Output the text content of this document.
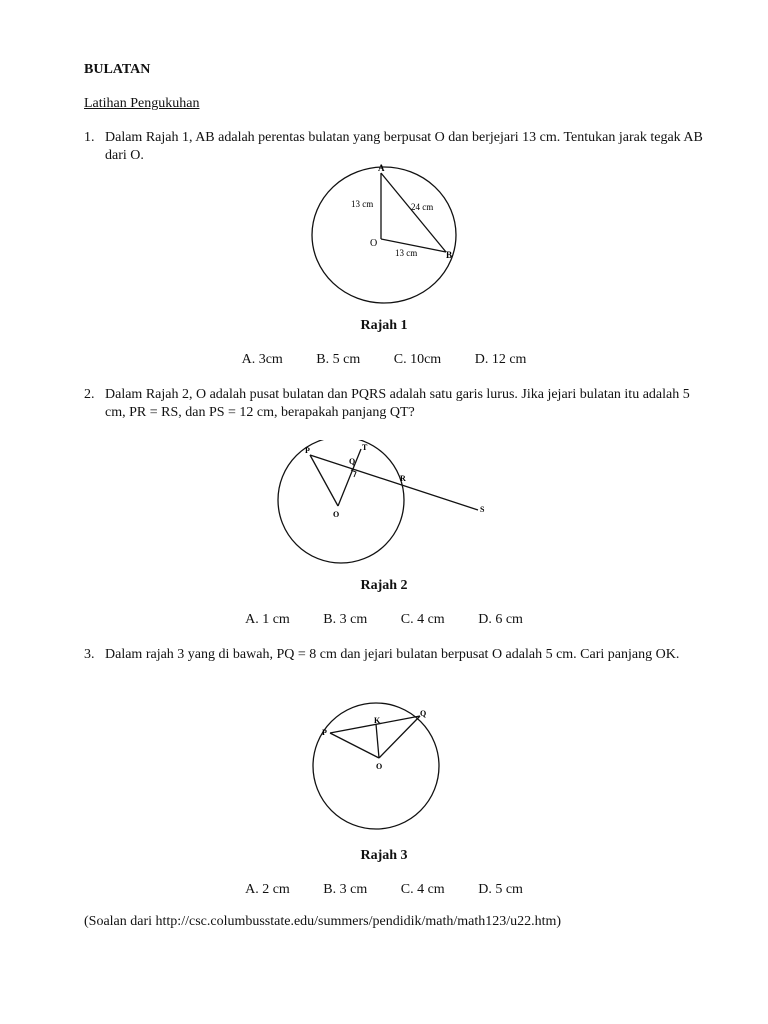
BULATAN
Latihan Pengukuhan
1. Dalam Rajah 1, AB adalah perentas bulatan yang berpusat O dan berjejari 13 cm. Tentukan jarak tegak AB dari O.
A
O
B
13 cm	24 cm
13 cm
Rajah 1
A. 3cm B. 5 cm C. 10cm D. 12 cm
2. Dalam Rajah 2, O adalah pusat bulatan dan PQRS adalah satu garis lurus. Jika jejari bulatan itu adalah 5 cm, PR = RS, dan PS = 12 cm, berapakah panjang QT?
P	T
Q
R
O
S
Rajah 2
A. 1 cm B. 3 cm C. 4 cm D. 6 cm
3. Dalam rajah 3 yang di bawah, PQ = 8 cm dan jejari bulatan berpusat O adalah 5 cm. Cari panjang OK.
P
K
Q
O
Rajah 3
A. 2 cm B. 3 cm C. 4 cm D. 5 cm
(Soalan dari http://csc.columbusstate.edu/summers/pendidik/math/math123/u22.htm)
